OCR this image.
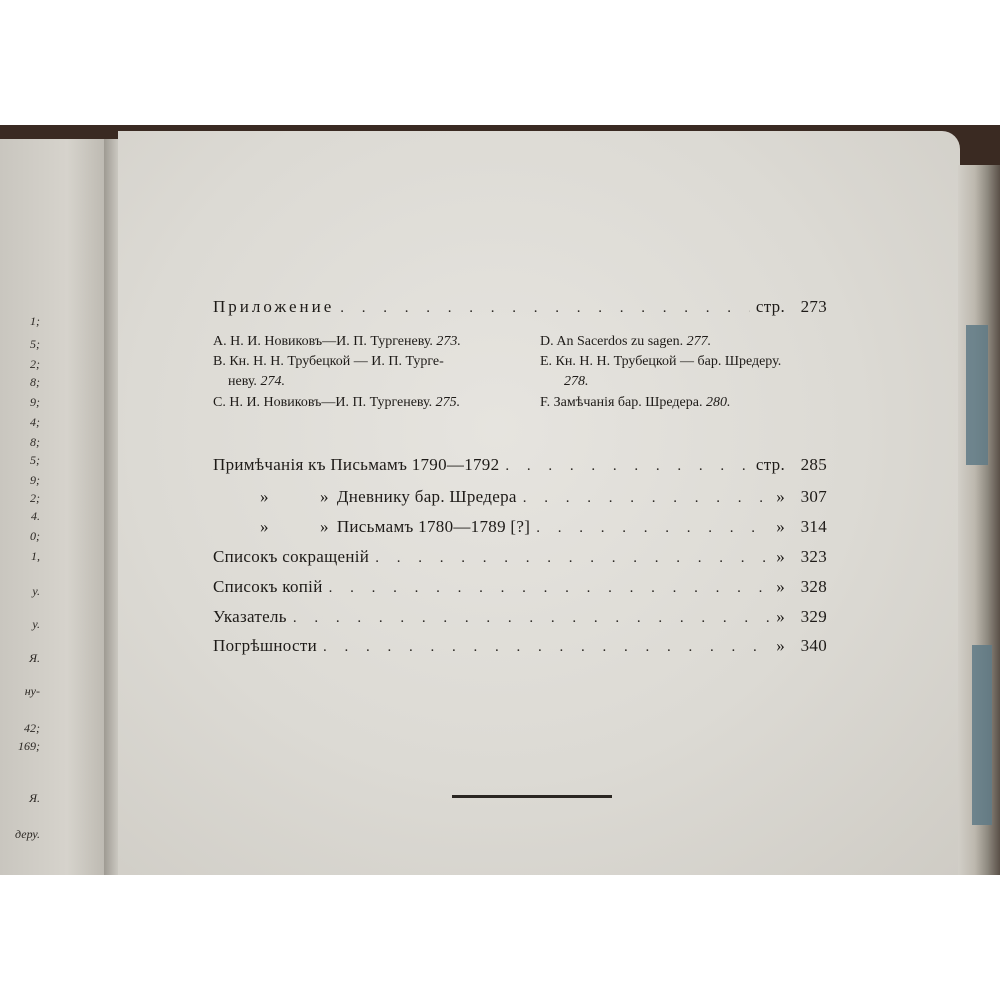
1;
5;
2;
8;
9;
4;
8;
5;
9;
2;
4.
0;
1,
у.
у.
Я.
ну-
42;
169;
Я.
деру.
Приложение . . .	стр. 273
A. Н. И. Новиковъ—И. П. Тургеневу. 273.	D. An Sacerdos zu sagen. 277.
B. Кн. Н. Н. Трубецкой — И. П. Турге-	E. Кн. Н. Н. Трубецкой — бар. Шредеру.
неву. 274.	278.
C. Н. И. Новиковъ—И. П. Тургеневу. 275.	F. Замѣчанія бар. Шредера. 280.
Примѣчанія къ Письмамъ 1790—1792 . . .	стр. 285
»	» Дневнику бар. Шредера . . .	» 307
»	» Письмамъ 1780—1789 [?] . . .	» 314
Списокъ сокращеній . . .	» 323
Списокъ копій . . .	» 328
Указатель . . .	» 329
Погрѣшности . . .	» 340
